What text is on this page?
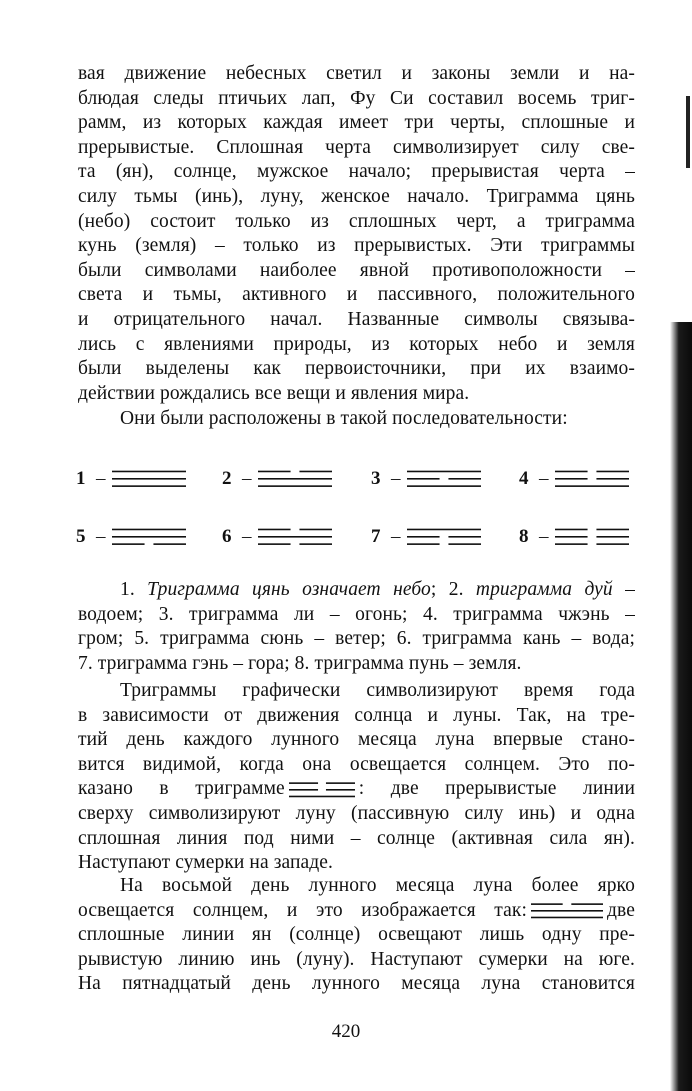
вая движение небесных светил и законы земли и на-
блюдая следы птичьих лап, Фу Си составил восемь триг-
рамм, из которых каждая имеет три черты, сплошные и
прерывистые. Сплошная черта символизирует силу све-
та (ян), солнце, мужское начало; прерывистая черта –
силу тьмы (инь), луну, женское начало. Триграмма цянь
(небо) состоит только из сплошных черт, а триграмма
кунь (земля) – только из прерывистых. Эти триграммы
были символами наиболее явной противоположности –
света и тьмы, активного и пассивного, положительного
и отрицательного начал. Названные символы связыва-
лись с явлениями природы, из которых небо и земля
были выделены как первоисточники, при их взаимо-
действии рождались все вещи и явления мира.
Они были расположены в такой последовательности:
1 –	2 –	3 –	4 –
5 –	6 –	7 –	8 –
1. Триграмма цянь означает небо; 2. триграмма дуй –
водоем; 3. триграмма ли – огонь; 4. триграмма чжэнь –
гром; 5. триграмма сюнь – ветер; 6. триграмма кань – вода;
7. триграмма гэнь – гора; 8. триграмма пунь – земля.
Триграммы графически символизируют время года
в зависимости от движения солнца и луны. Так, на тре-
тий день каждого лунного месяца луна впервые стано-
вится видимой, когда она освещается солнцем. Это по-
казано в триграмме	: две прерывистые линии
сверху символизируют луну (пассивную силу инь) и одна
сплошная линия под ними – солнце (активная сила ян).
Наступают сумерки на западе.
На восьмой день лунного месяца луна более ярко
освещается солнцем, и это изображается так:	две
сплошные линии ян (солнце) освещают лишь одну пре-
рывистую линию инь (луну). Наступают сумерки на юге.
На пятнадцатый день лунного месяца луна становится
420
